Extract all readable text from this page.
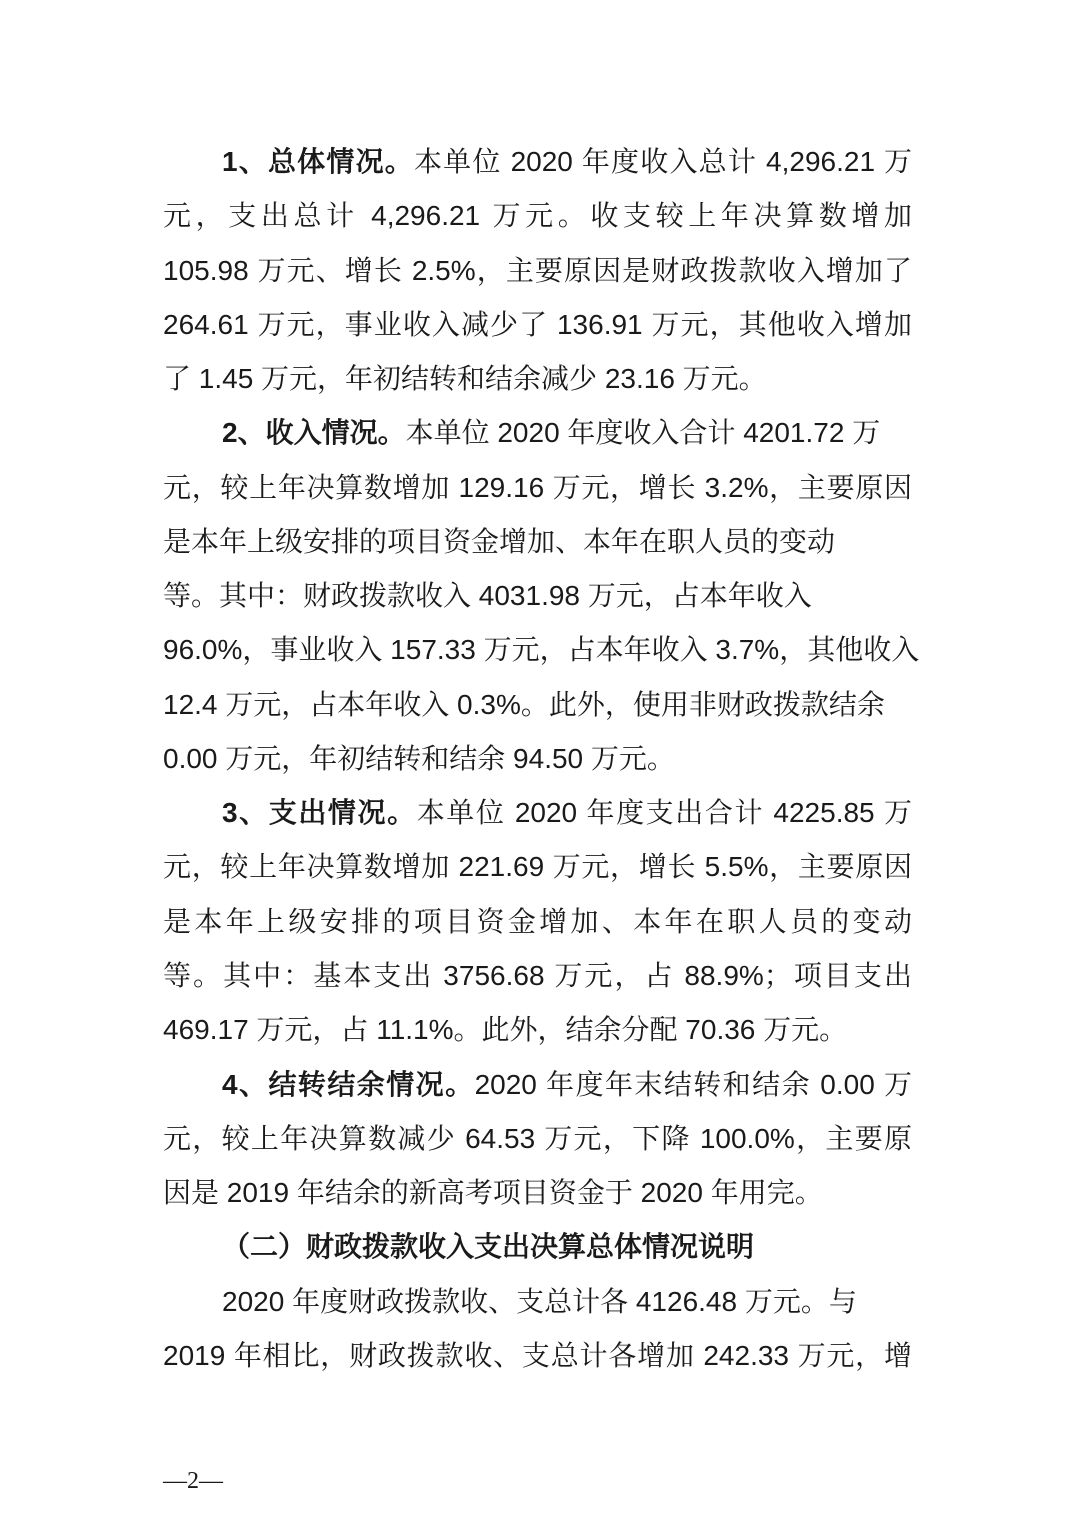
1、总体情况。本单位 2020 年度收入总计 4,296.21 万
元，支出总计 4,296.21 万元。收支较上年决算数增加
105.98 万元、增长 2.5%，主要原因是财政拨款收入增加了
264.61 万元，事业收入减少了 136.91 万元，其他收入增加
了 1.45 万元，年初结转和结余减少 23.16 万元。
2、收入情况。本单位 2020 年度收入合计 4201.72 万
元，较上年决算数增加 129.16 万元，增长 3.2%，主要原因
是本年上级安排的项目资金增加、本年在职人员的变动
等。其中：财政拨款收入 4031.98 万元，占本年收入
96.0%，事业收入 157.33 万元，占本年收入 3.7%，其他收入
12.4 万元，占本年收入 0.3%。此外，使用非财政拨款结余
0.00 万元，年初结转和结余 94.50 万元。
3、支出情况。本单位 2020 年度支出合计 4225.85 万
元，较上年决算数增加 221.69 万元，增长 5.5%，主要原因
是本年上级安排的项目资金增加、本年在职人员的变动
等。其中：基本支出 3756.68 万元，占 88.9%；项目支出
469.17 万元，占 11.1%。此外，结余分配 70.36 万元。
4、结转结余情况。2020 年度年末结转和结余 0.00 万
元，较上年决算数减少 64.53 万元，下降 100.0%，主要原
因是 2019 年结余的新高考项目资金于 2020 年用完。
（二）财政拨款收入支出决算总体情况说明
2020 年度财政拨款收、支总计各 4126.48 万元。与
2019 年相比，财政拨款收、支总计各增加 242.33 万元，增
—2—
